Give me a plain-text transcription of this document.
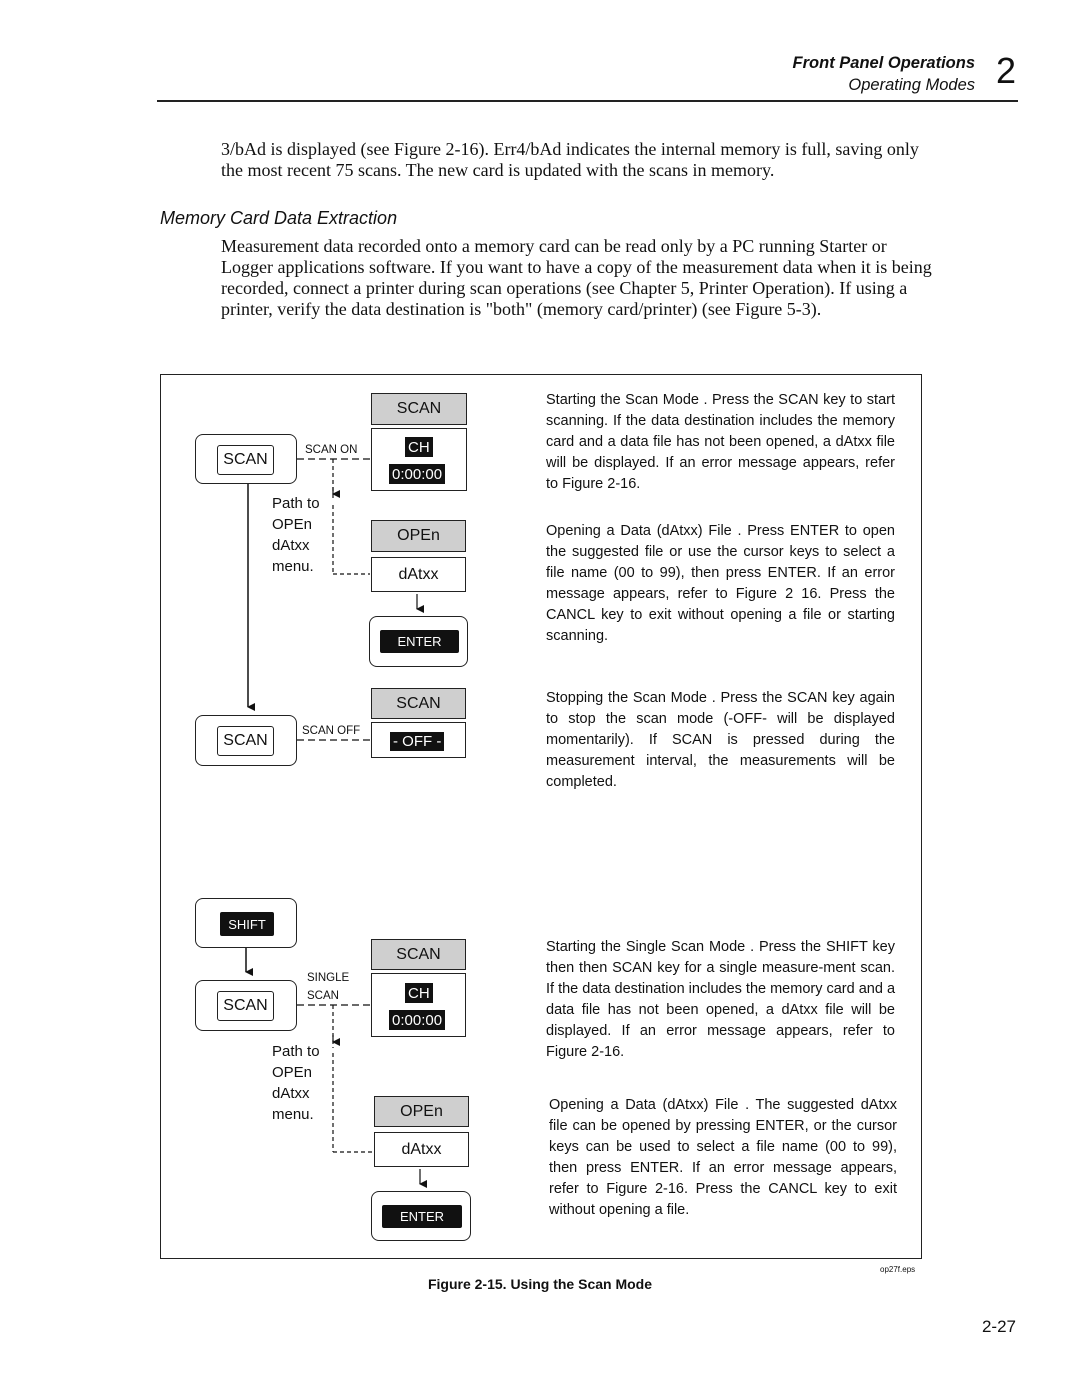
Front Panel Operations
Operating Modes 2

3/bAd is displayed (see Figure 2-16). Err4/bAd indicates the internal memory is full, saving only the most recent 75 scans. The new card is updated with the scans in memory.

Memory Card Data Extraction

Measurement data recorded onto a memory card can be read only by a PC running Starter or Logger applications software. If you want to have a copy of the measurement data when it is being recorded, connect a printer during scan operations (see Chapter 5, Printer Operation). If using a printer, verify the data destination is "both" (memory card/printer) (see Figure 5-3).

SCAN
SCAN ON
SCAN
CH
0:00:00
Path to
OPEn
dAtxx
menu.
OPEn
dAtxx
ENTER
SCAN
SCAN OFF
SCAN
- OFF -
SHIFT
SCAN
SINGLE
SCAN
SCAN
CH
0:00:00
Path to
OPEn
dAtxx
menu.	OPEn
dAtxx
ENTER

Starting the Scan Mode . Press the SCAN key to start scanning. If the data destination includes the memory card and a data file has not been opened, a dAtxx file will be displayed. If an error message appears, refer to Figure 2-16.

Opening a Data (dAtxx) File . Press ENTER to open the suggested file or use the cursor keys to select a file name (00 to 99), then press ENTER. If an error message appears, refer to Figure 2 16. Press the CANCL key to exit without opening a file or starting scanning.

Stopping the Scan Mode . Press the SCAN key again to stop the scan mode (-OFF- will be displayed momentarily). If SCAN is pressed during the measurement interval, the measurements will be completed.

Starting the Single Scan Mode . Press the SHIFT key then then SCAN key for a single measure-ment scan. If the data destination includes the memory card and a data file has not been opened, a dAtxx file will be displayed. If an error message appears, refer to Figure 2-16.

Opening a Data (dAtxx) File . The suggested dAtxx file can be opened by pressing ENTER, or the cursor keys can be used to select a file name (00 to 99), then press ENTER. If an error message appears, refer to Figure 2-16. Press the CANCL key to exit without opening a file.

op27f.eps
Figure 2-15. Using the Scan Mode
2-27
